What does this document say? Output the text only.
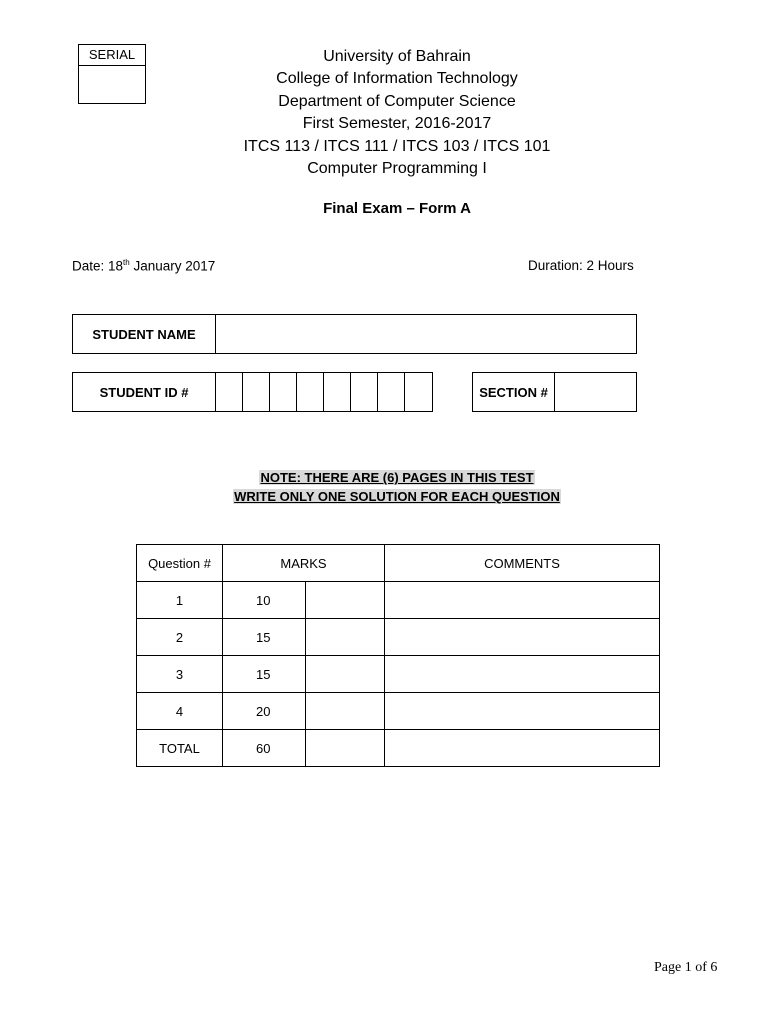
SERIAL	University of Bahrain
College of Information Technology
Department of Computer Science
First Semester, 2016-2017
ITCS 113 / ITCS 111 / ITCS 103 / ITCS 101
Computer Programming I
Final Exam – Form A
Date: 18th January 2017	Duration: 2 Hours
STUDENT NAME
STUDENT ID #	SECTION #
NOTE: THERE ARE (6) PAGES IN THIS TEST
WRITE ONLY ONE SOLUTION FOR EACH QUESTION
Question #	MARKS		COMMENTS
1	10		
2	15		
3	15		
4	20		
TOTAL	60		
Page 1 of 6
